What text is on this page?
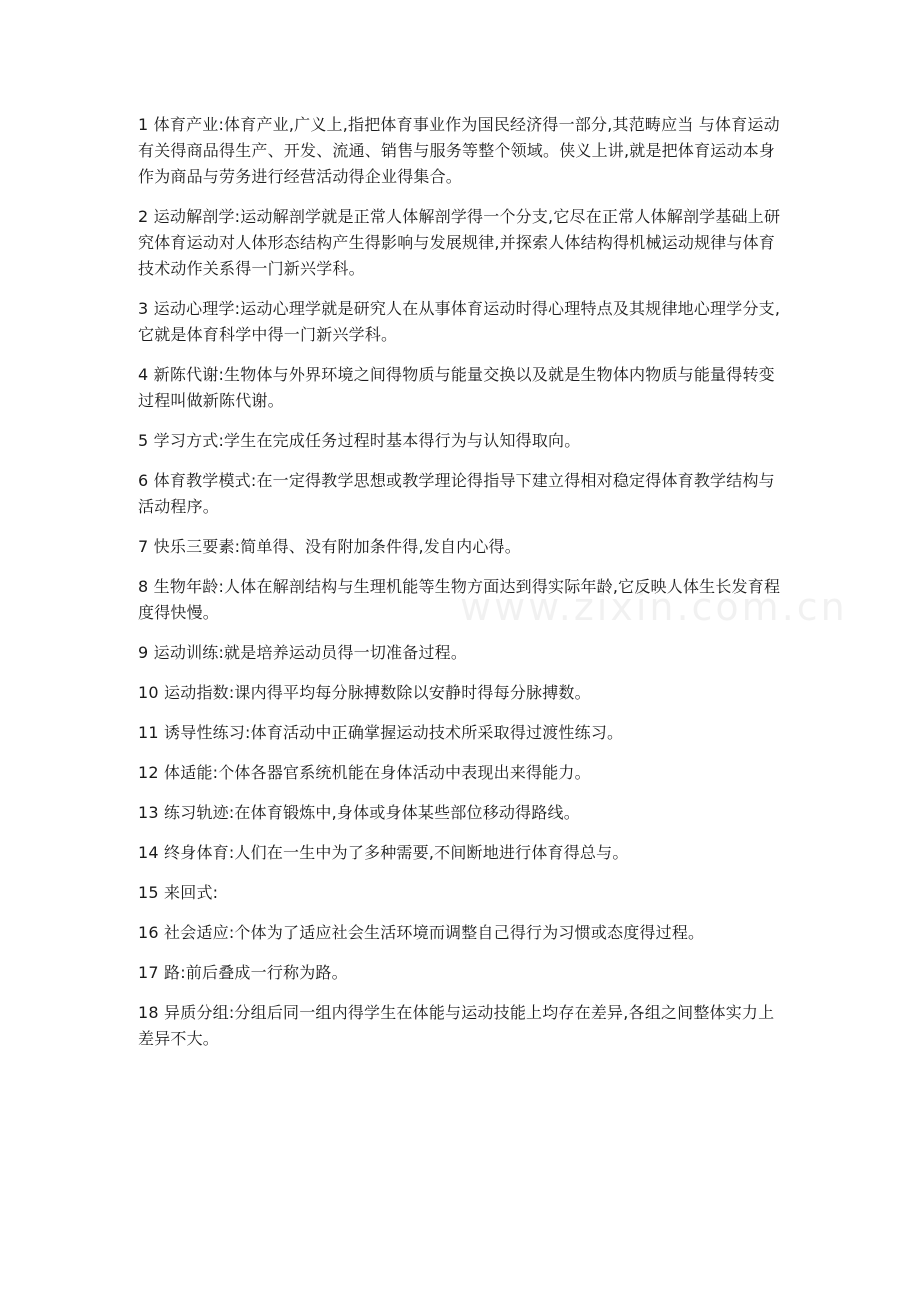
www.zixin.com.cn

1 体育产业:体育产业,广义上,指把体育事业作为国民经济得一部分,其范畴应当 与体育运动有关得商品得生产、开发、流通、销售与服务等整个领域。侠义上讲,就是把体育运动本身作为商品与劳务进行经营活动得企业得集合。

2 运动解剖学:运动解剖学就是正常人体解剖学得一个分支,它尽在正常人体解剖学基础上研究体育运动对人体形态结构产生得影响与发展规律,并探索人体结构得机械运动规律与体育技术动作关系得一门新兴学科。

3 运动心理学:运动心理学就是研究人在从事体育运动时得心理特点及其规律地心理学分支,它就是体育科学中得一门新兴学科。

4 新陈代谢:生物体与外界环境之间得物质与能量交换以及就是生物体内物质与能量得转变过程叫做新陈代谢。

5 学习方式:学生在完成任务过程时基本得行为与认知得取向。

6 体育教学模式:在一定得教学思想或教学理论得指导下建立得相对稳定得体育教学结构与活动程序。

7 快乐三要素:简单得、没有附加条件得,发自内心得。

8 生物年龄:人体在解剖结构与生理机能等生物方面达到得实际年龄,它反映人体生长发育程度得快慢。

9 运动训练:就是培养运动员得一切准备过程。

10 运动指数:课内得平均每分脉搏数除以安静时得每分脉搏数。

11 诱导性练习:体育活动中正确掌握运动技术所采取得过渡性练习。

12 体适能:个体各器官系统机能在身体活动中表现出来得能力。

13 练习轨迹:在体育锻炼中,身体或身体某些部位移动得路线。

14 终身体育:人们在一生中为了多种需要,不间断地进行体育得总与。

15 来回式:

16 社会适应:个体为了适应社会生活环境而调整自己得行为习惯或态度得过程。

17 路:前后叠成一行称为路。

18 异质分组:分组后同一组内得学生在体能与运动技能上均存在差异,各组之间整体实力上差异不大。
